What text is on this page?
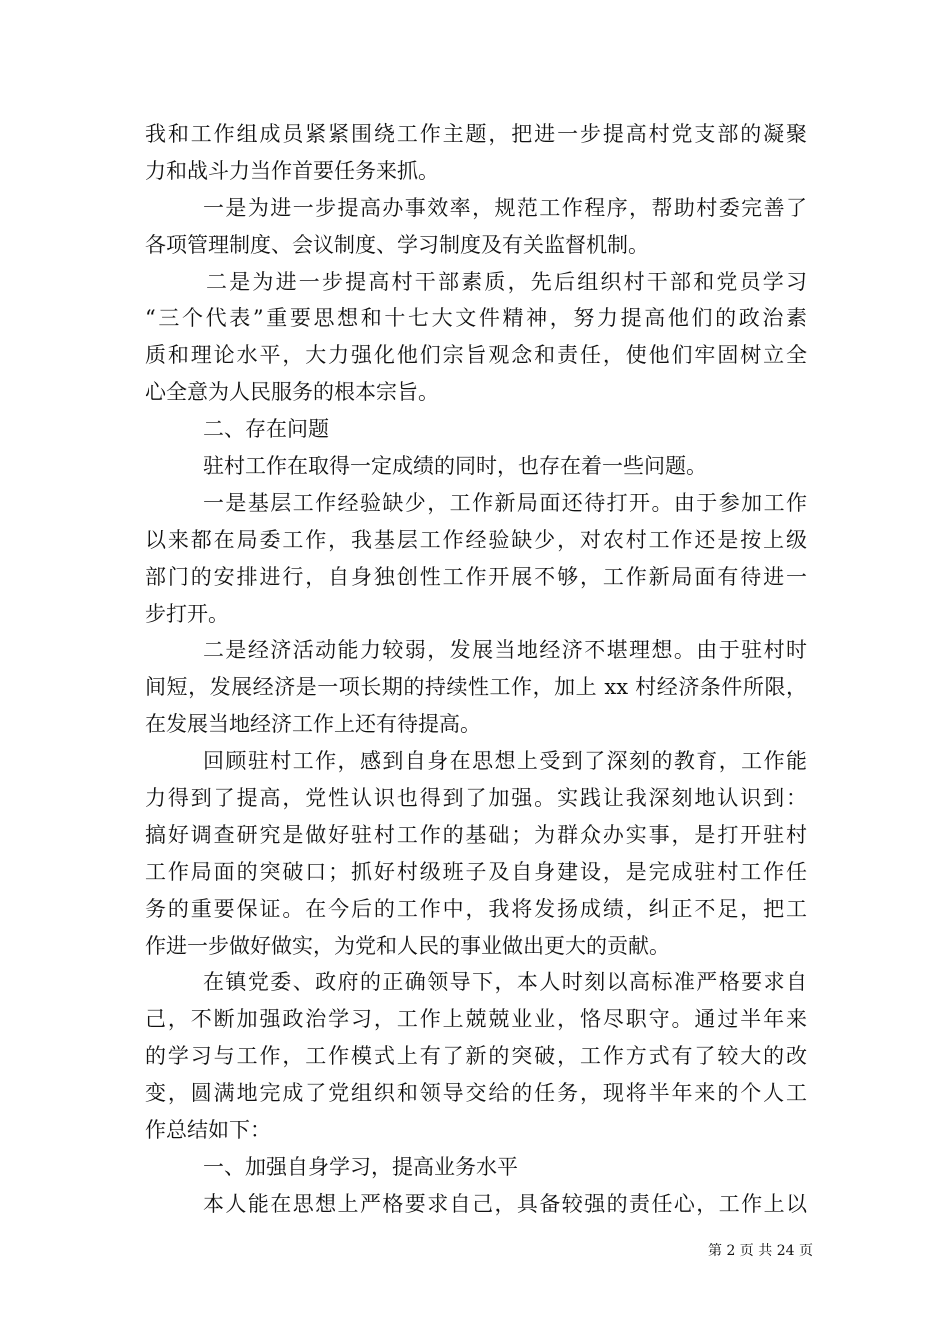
我和工作组成员紧紧围绕工作主题，把进一步提高村党支部的凝聚
力和战斗力当作首要任务来抓。
一是为进一步提高办事效率，规范工作程序，帮助村委完善了
各项管理制度、会议制度、学习制度及有关监督机制。
二是为进一步提高村干部素质，先后组织村干部和党员学习
“三个代表”重要思想和十七大文件精神，努力提高他们的政治素
质和理论水平，大力强化他们宗旨观念和责任，使他们牢固树立全
心全意为人民服务的根本宗旨。
二、存在问题
驻村工作在取得一定成绩的同时，也存在着一些问题。
一是基层工作经验缺少，工作新局面还待打开。由于参加工作
以来都在局委工作，我基层工作经验缺少，对农村工作还是按上级
部门的安排进行，自身独创性工作开展不够，工作新局面有待进一
步打开。
二是经济活动能力较弱，发展当地经济不堪理想。由于驻村时
间短，发展经济是一项长期的持续性工作，加上 xx 村经济条件所限，
在发展当地经济工作上还有待提高。
回顾驻村工作，感到自身在思想上受到了深刻的教育，工作能
力得到了提高，党性认识也得到了加强。实践让我深刻地认识到：
搞好调查研究是做好驻村工作的基础；为群众办实事，是打开驻村
工作局面的突破口；抓好村级班子及自身建设，是完成驻村工作任
务的重要保证。在今后的工作中，我将发扬成绩，纠正不足，把工
作进一步做好做实，为党和人民的事业做出更大的贡献。
在镇党委、政府的正确领导下，本人时刻以高标准严格要求自
己，不断加强政治学习，工作上兢兢业业，恪尽职守。通过半年来
的学习与工作，工作模式上有了新的突破，工作方式有了较大的改
变，圆满地完成了党组织和领导交给的任务，现将半年来的个人工
作总结如下：
一、加强自身学习，提高业务水平
本人能在思想上严格要求自己，具备较强的责任心，工作上以
第 2 页 共 24 页
